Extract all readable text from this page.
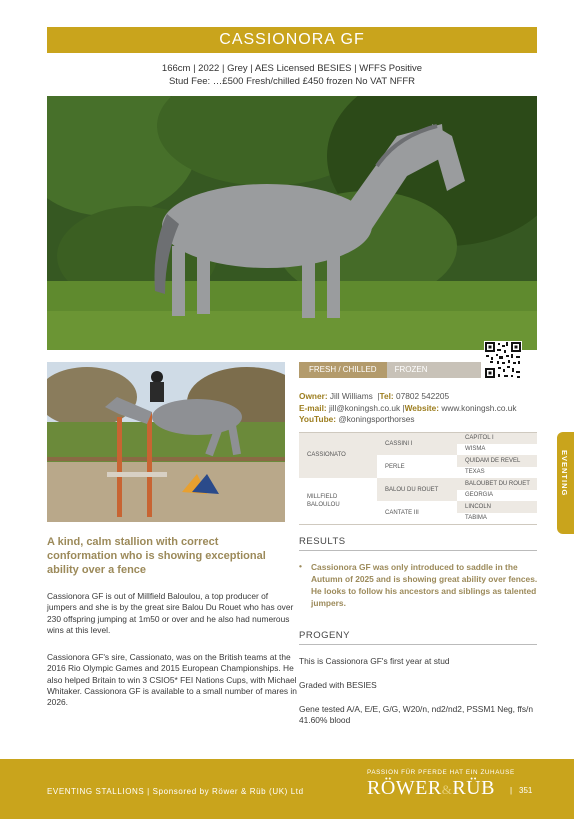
CASSIONORA GF
166cm | 2022 | Grey | AES Licensed BESIES | WFFS Positive
Stud Fee: …£500 Fresh/chilled £450 frozen No VAT NFFR
FRESH / CHILLED	FROZEN
Owner: Jill Williams  |Tel: 07802 542205
E-mail: jill@koningsh.co.uk |Website: www.koningsh.co.uk
YouTube: @koningsporthorses
CASSIONATO
MILLFIELD BALOULOU
CASSINI I
PERLE
BALOU DU ROUET
CANTATE III
CAPITOL I
WISMA
QUIDAM DE REVEL
TEXAS
BALOUBET DU ROUET
GEORGIA
LINCOLN
TABIMA
EVENTING
A kind, calm stallion with correct conformation who is showing exceptional ability over a fence
Cassionora GF is out of Millfield Baloulou, a top producer of jumpers and she is by the great sire Balou Du Rouet who has over 230 offspring jumping at 1m50 or over and he also had numerous wins at this level.
Cassionora GF's sire, Cassionato, was on the British teams at the 2016 Rio Olympic Games and 2015 European Championships. He also helped Britain to win 3 CSIO5* FEI Nations Cups, with Michael Whitaker. Cassionora GF is available to a small number of mares in 2026.
RESULTS
• Cassionora GF was only introduced to saddle in the Autumn of 2025 and is showing great ability over fences. He looks to follow his ancestors and siblings as talented jumpers.
PROGENY
This is Cassionora GF's first year at stud
Graded with BESIES
Gene tested A/A, E/E, G/G, W20/n, nd2/nd2, PSSM1 Neg, ffs/n 41.60% blood
EVENTING STALLIONS | Sponsored by Röwer & Rüb (UK) Ltd
PASSION FÜR PFERDE HAT EIN ZUHAUSE
RÖWER&RÜB | 351
